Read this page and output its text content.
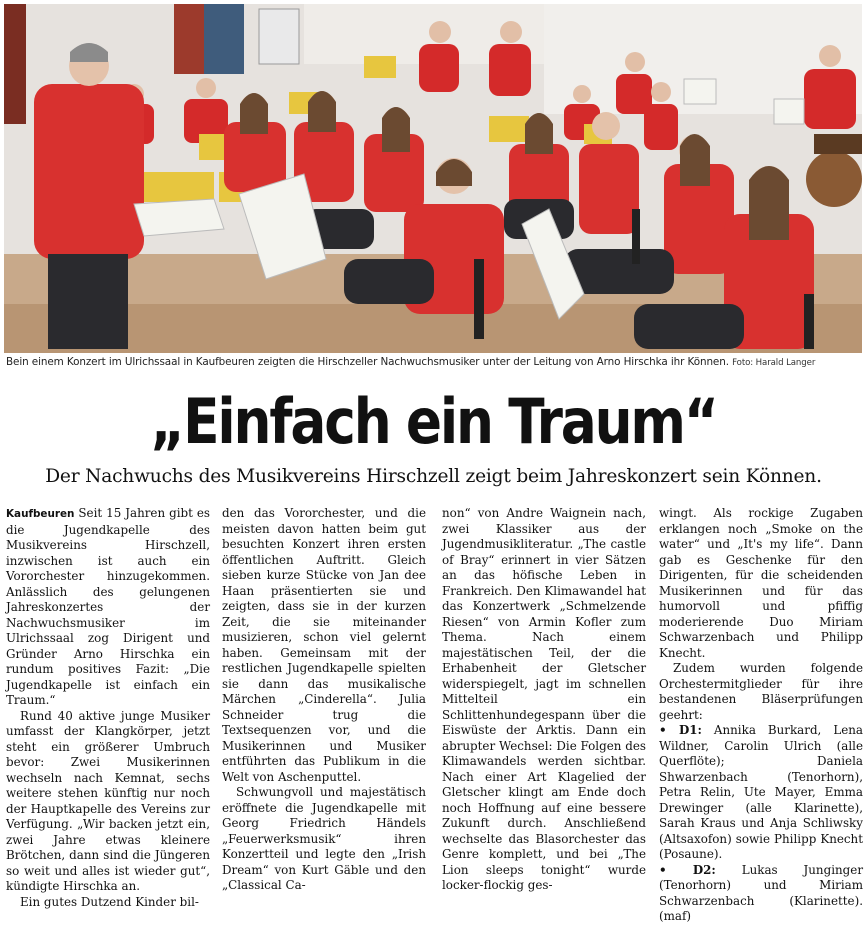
Bein einem Konzert im Ulrichssaal in Kaufbeuren zeigten die Hirschzeller Nachwuchsmusiker unter der Leitung von Arno Hirschka ihr Können. Foto: Harald Langer
„Einfach ein Traum“
Der Nachwuchs des Musikvereins Hirschzell zeigt beim Jahreskonzert sein Können.

Kaufbeuren Seit 15 Jahren gibt es die Jugendkapelle des Musikvereins Hirschzell, inzwischen ist auch ein Vororchester hinzugekommen. Anlässlich des gelungenen Jahreskonzertes der Nachwuchsmusiker im Ulrichssaal zog Dirigent und Gründer Arno Hirschka ein rundum positives Fazit: „Die Jugendkapelle ist einfach ein Traum.“

Rund 40 aktive junge Musiker umfasst der Klangkörper, jetzt steht ein größerer Umbruch bevor: Zwei Musikerinnen wechseln nach Kemnat, sechs weitere stehen künftig nur noch der Hauptkapelle des Vereins zur Verfügung. „Wir backen jetzt ein, zwei Jahre etwas kleinere Brötchen, dann sind die Jüngeren so weit und alles ist wieder gut“, kündigte Hirschka an.

Ein gutes Dutzend Kinder bil-

den das Vororchester, und die meisten davon hatten beim gut besuchten Konzert ihren ersten öffentlichen Auftritt. Gleich sieben kurze Stücke von Jan dee Haan präsentierten sie und zeigten, dass sie in der kurzen Zeit, die sie miteinander musizieren, schon viel gelernt haben. Gemeinsam mit der restlichen Jugendkapelle spielten sie dann das musikalische Märchen „Cinderella“. Julia Schneider trug die Textsequenzen vor, und die Musikerinnen und Musiker entführten das Publikum in die Welt von Aschenputtel.

Schwungvoll und majestätisch eröffnete die Jugendkapelle mit Georg Friedrich Händels „Feuerwerksmusik“ ihren Konzertteil und legte den „Irish Dream“ von Kurt Gäble und den „Classical Ca-

non“ von Andre Waignein nach, zwei Klassiker aus der Jugendmusikliteratur. „The castle of Bray“ erinnert in vier Sätzen an das höfische Leben in Frankreich. Den Klimawandel hat das Konzertwerk „Schmelzende Riesen“ von Armin Kofler zum Thema. Nach einem majestätischen Teil, der die Erhabenheit der Gletscher widerspiegelt, jagt im schnellen Mittelteil ein Schlittenhundegespann über die Eiswüste der Arktis. Dann ein abrupter Wechsel: Die Folgen des Klimawandels werden sichtbar. Nach einer Art Klagelied der Gletscher klingt am Ende doch noch Hoffnung auf eine bessere Zukunft durch. Anschließend wechselte das Blasorchester das Genre komplett, und bei „The Lion sleeps tonight“ wurde locker-flockig ges-

wingt. Als rockige Zugaben erklangen noch „Smoke on the water“ und „It's my life“. Dann gab es Geschenke für den Dirigenten, für die scheidenden Musikerinnen und für das humorvoll und pfiffig moderierende Duo Miriam Schwarzenbach und Philipp Knecht.

Zudem wurden folgende Orchestermitglieder für ihre bestandenen Bläserprüfungen geehrt:

• D1: Annika Burkard, Lena Wildner, Carolin Ulrich (alle Querflöte); Daniela Shwarzenbach (Tenorhorn), Petra Relin, Ute Mayer, Emma Drewinger (alle Klarinette), Sarah Kraus und Anja Schliwsky (Altsaxofon) sowie Philipp Knecht (Posaune).

• D2: Lukas Junginger (Tenorhorn) und Miriam Schwarzenbach (Klarinette). (maf)
